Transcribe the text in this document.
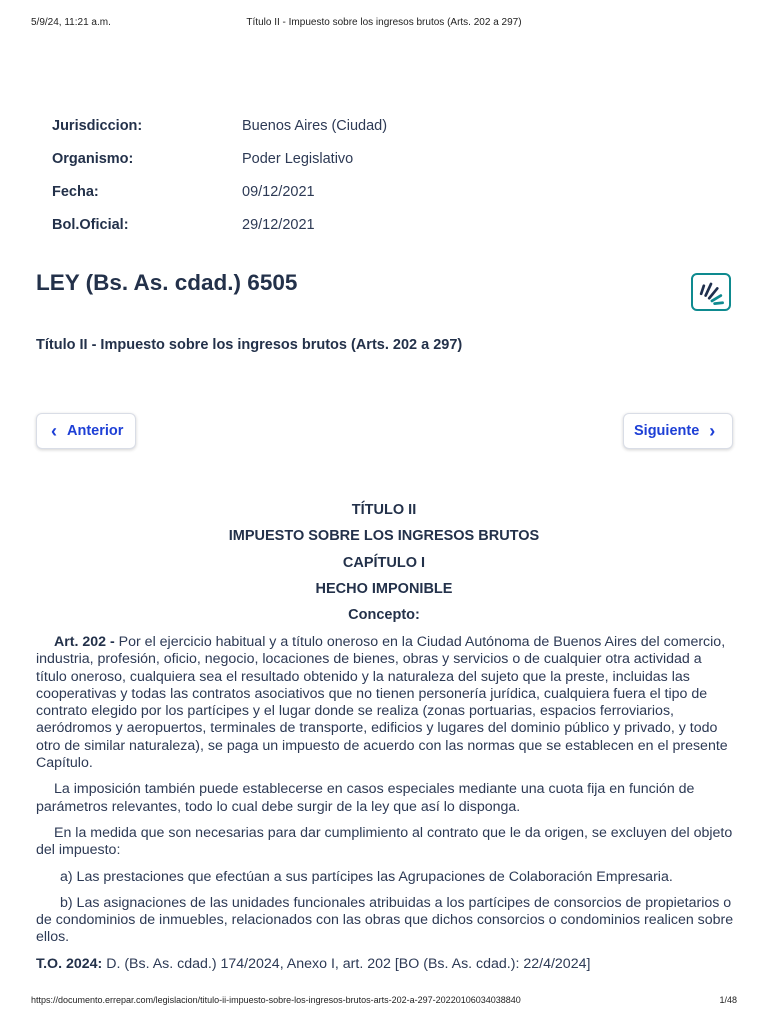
5/9/24, 11:21 a.m.	Título II - Impuesto sobre los ingresos brutos (Arts. 202 a 297)
Jurisdiccion:	Buenos Aires (Ciudad)
Organismo:	Poder Legislativo
Fecha:	09/12/2021
Bol.Oficial:	29/12/2021
LEY (Bs. As. cdad.) 6505
Título II - Impuesto sobre los ingresos brutos (Arts. 202 a 297)
‹ Anterior	Siguiente ›
TÍTULO II
IMPUESTO SOBRE LOS INGRESOS BRUTOS
CAPÍTULO I
HECHO IMPONIBLE
Concepto:

Art. 202 - Por el ejercicio habitual y a título oneroso en la Ciudad Autónoma de Buenos Aires del comercio, industria, profesión, oficio, negocio, locaciones de bienes, obras y servicios o de cualquier otra actividad a título oneroso, cualquiera sea el resultado obtenido y la naturaleza del sujeto que la preste, incluidas las cooperativas y todas las contratos asociativos que no tienen personería jurídica, cualquiera fuera el tipo de contrato elegido por los partícipes y el lugar donde se realiza (zonas portuarias, espacios ferroviarios, aeródromos y aeropuertos, terminales de transporte, edificios y lugares del dominio público y privado, y todo otro de similar naturaleza), se paga un impuesto de acuerdo con las normas que se establecen en el presente Capítulo.

La imposición también puede establecerse en casos especiales mediante una cuota fija en función de parámetros relevantes, todo lo cual debe surgir de la ley que así lo disponga.

En la medida que son necesarias para dar cumplimiento al contrato que le da origen, se excluyen del objeto del impuesto:

a) Las prestaciones que efectúan a sus partícipes las Agrupaciones de Colaboración Empresaria.

b) Las asignaciones de las unidades funcionales atribuidas a los partícipes de consorcios de propietarios o de condominios de inmuebles, relacionados con las obras que dichos consorcios o condominios realicen sobre ellos.

T.O. 2024: D. (Bs. As. cdad.) 174/2024, Anexo I, art. 202 [BO (Bs. As. cdad.): 22/4/2024]

https://documento.errepar.com/legislacion/titulo-ii-impuesto-sobre-los-ingresos-brutos-arts-202-a-297-20220106034038840	1/48
